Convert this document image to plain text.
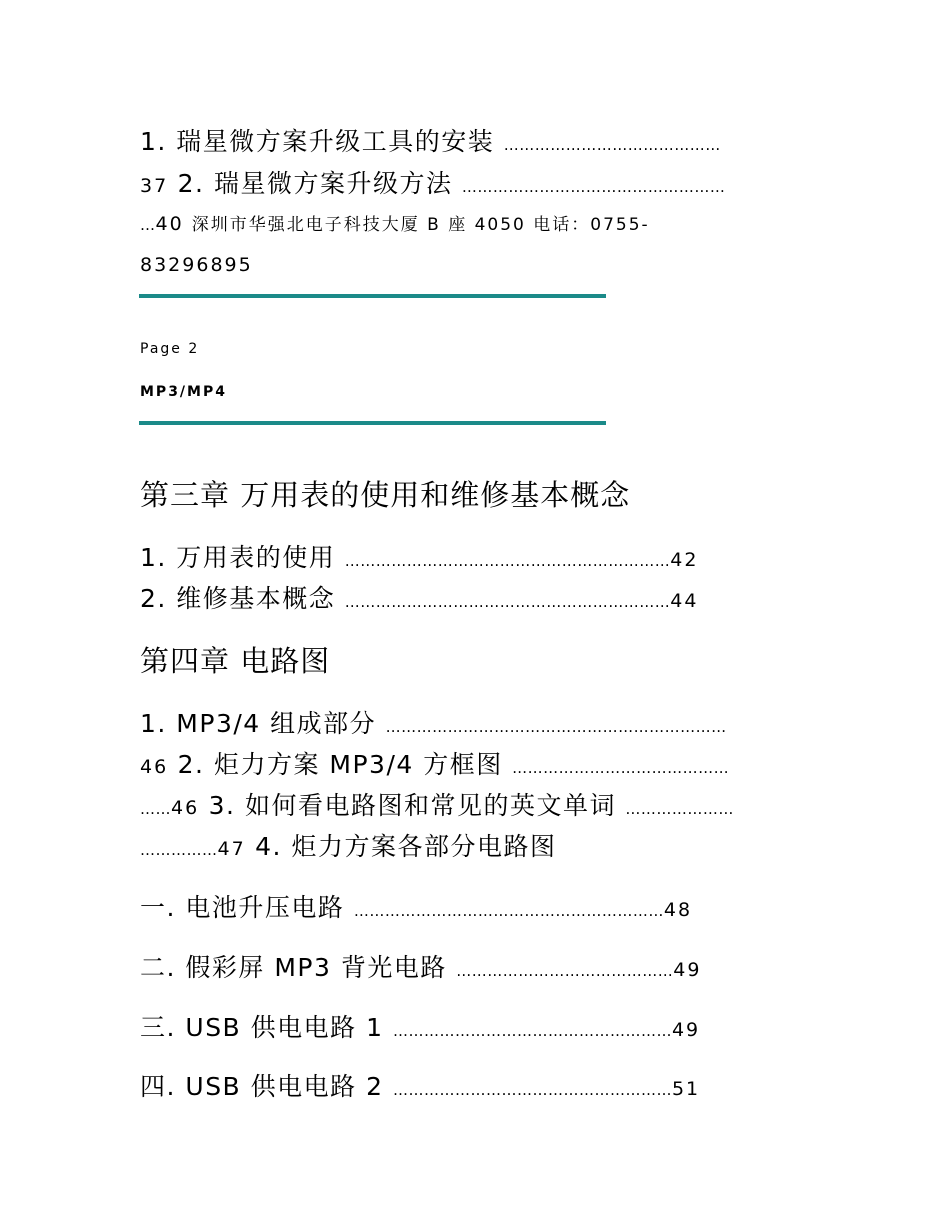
1. 瑞星微方案升级工具的安装 ……………………………………
37 2. 瑞星微方案升级方法 ……………………………………………
…40 深圳市华强北电子科技大厦 B 座 4050 电话：0755-
83296895
Page 2
MP3/MP4
第三章 万用表的使用和维修基本概念
1. 万用表的使用 ………………………………………………………42
2. 维修基本概念 ………………………………………………………44
第四章 电路图
1. MP3/4 组成部分 …………………………………………………………
46 2. 炬力方案 MP3/4 方框图 ……………………………………
……46 3. 如何看电路图和常见的英文单词 …………………
……………47 4. 炬力方案各部分电路图
一. 电池升压电路 ……………………………………………………48
二. 假彩屏 MP3 背光电路 ……………………………………49
三. USB 供电电路 1 ………………………………………………49
四. USB 供电电路 2 ………………………………………………51
